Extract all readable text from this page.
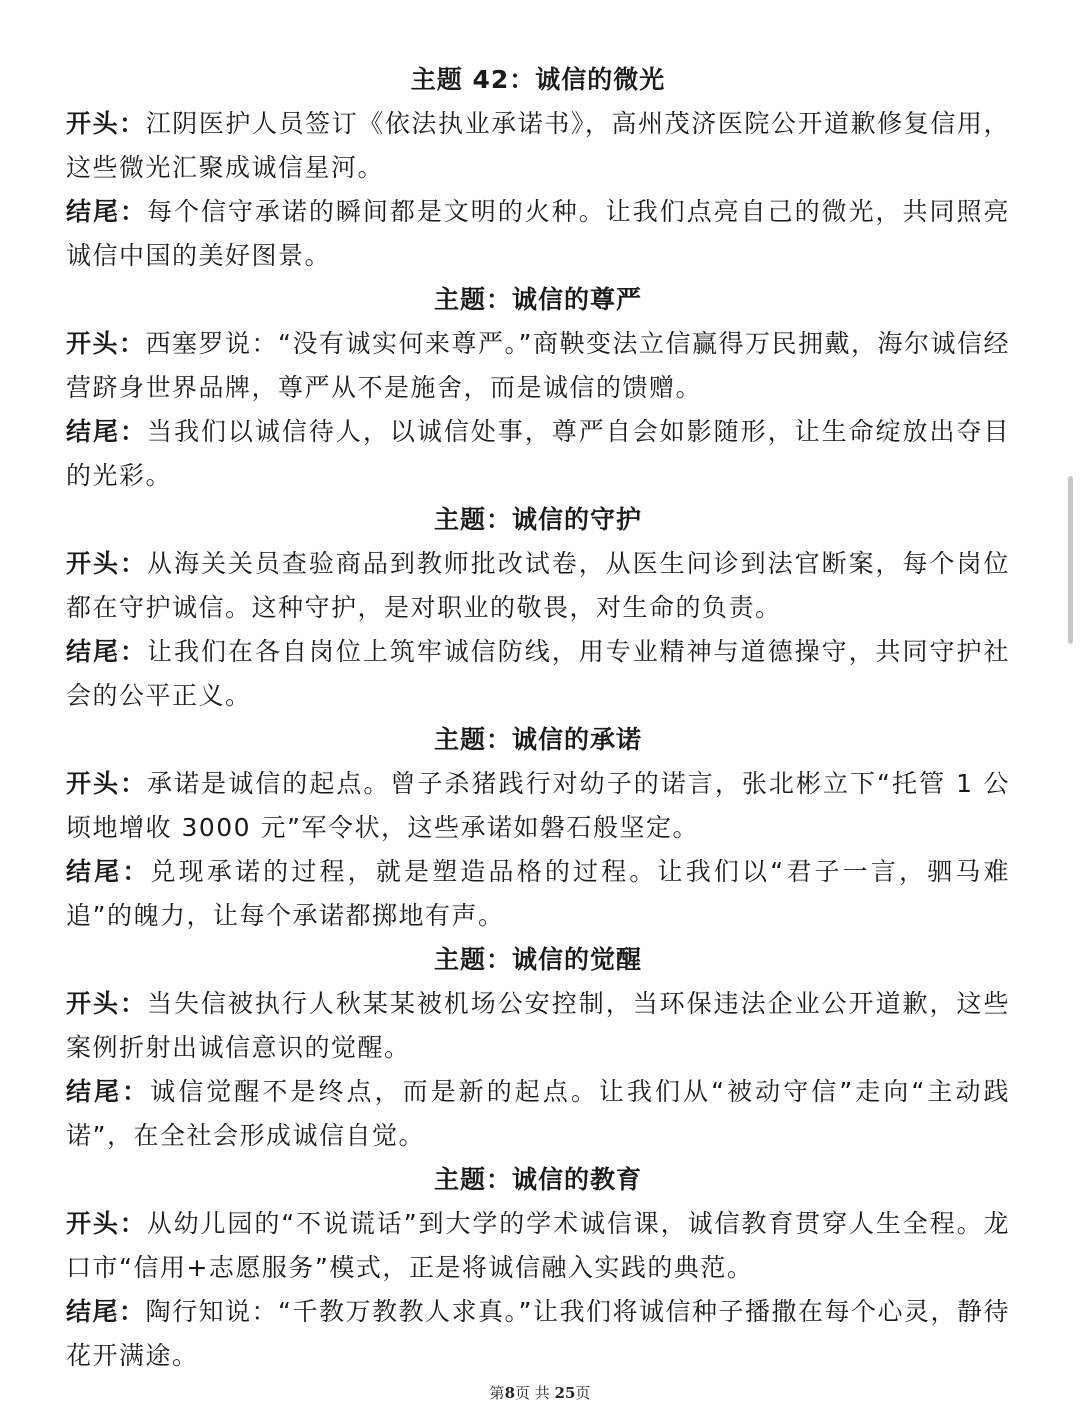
主题 42：诚信的微光

开头：江阴医护人员签订《依法执业承诺书》，高州茂济医院公开道歉修复信用，这些微光汇聚成诚信星河。

结尾：每个信守承诺的瞬间都是文明的火种。让我们点亮自己的微光，共同照亮诚信中国的美好图景。

主题：诚信的尊严

开头：西塞罗说：“没有诚实何来尊严。”商鞅变法立信赢得万民拥戴，海尔诚信经营跻身世界品牌，尊严从不是施舍，而是诚信的馈赠。

结尾：当我们以诚信待人，以诚信处事，尊严自会如影随形，让生命绽放出夺目的光彩。

主题：诚信的守护

开头：从海关关员查验商品到教师批改试卷，从医生问诊到法官断案，每个岗位都在守护诚信。这种守护，是对职业的敬畏，对生命的负责。

结尾：让我们在各自岗位上筑牢诚信防线，用专业精神与道德操守，共同守护社会的公平正义。

主题：诚信的承诺

开头：承诺是诚信的起点。曾子杀猪践行对幼子的诺言，张北彬立下“托管 1 公顷地增收 3000 元”军令状，这些承诺如磐石般坚定。

结尾：兑现承诺的过程，就是塑造品格的过程。让我们以“君子一言，驷马难追”的魄力，让每个承诺都掷地有声。

主题：诚信的觉醒

开头：当失信被执行人秋某某被机场公安控制，当环保违法企业公开道歉，这些案例折射出诚信意识的觉醒。

结尾：诚信觉醒不是终点，而是新的起点。让我们从“被动守信”走向“主动践诺”，在全社会形成诚信自觉。

主题：诚信的教育

开头：从幼儿园的“不说谎话”到大学的学术诚信课，诚信教育贯穿人生全程。龙口市“信用+志愿服务”模式，正是将诚信融入实践的典范。

结尾：陶行知说：“千教万教教人求真。”让我们将诚信种子播撒在每个心灵，静待花开满途。

第8页 共 25页
